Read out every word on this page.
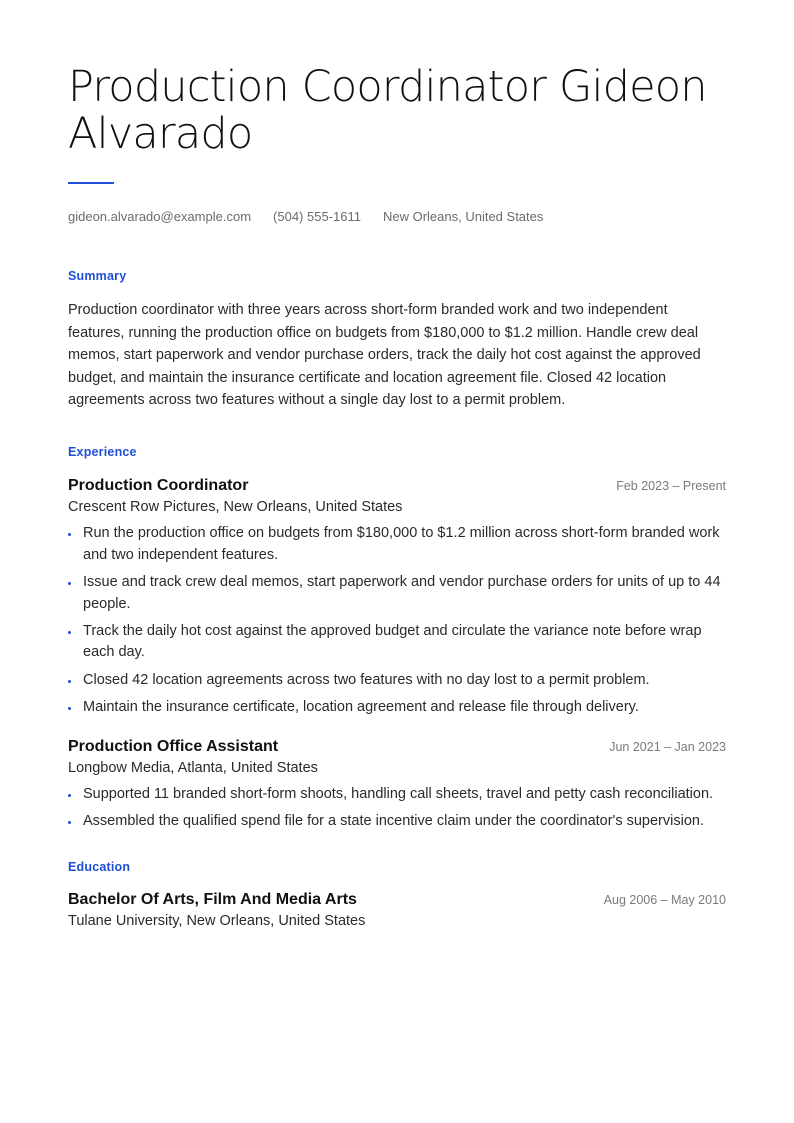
Production Coordinator Gideon Alvarado
gideon.alvarado@example.com (504) 555-1611 New Orleans, United States
Summary
Production coordinator with three years across short-form branded work and two independent features, running the production office on budgets from $180,000 to $1.2 million. Handle crew deal memos, start paperwork and vendor purchase orders, track the daily hot cost against the approved budget, and maintain the insurance certificate and location agreement file. Closed 42 location agreements across two features without a single day lost to a permit problem.
Experience
Production Coordinator	Feb 2023 – Present
Crescent Row Pictures, New Orleans, United States
Run the production office on budgets from $180,000 to $1.2 million across short-form branded work and two independent features.
Issue and track crew deal memos, start paperwork and vendor purchase orders for units of up to 44 people.
Track the daily hot cost against the approved budget and circulate the variance note before wrap each day.
Closed 42 location agreements across two features with no day lost to a permit problem.
Maintain the insurance certificate, location agreement and release file through delivery.
Production Office Assistant	Jun 2021 – Jan 2023
Longbow Media, Atlanta, United States
Supported 11 branded short-form shoots, handling call sheets, travel and petty cash reconciliation.
Assembled the qualified spend file for a state incentive claim under the coordinator's supervision.
Education
Bachelor Of Arts, Film And Media Arts	Aug 2006 – May 2010
Tulane University, New Orleans, United States
